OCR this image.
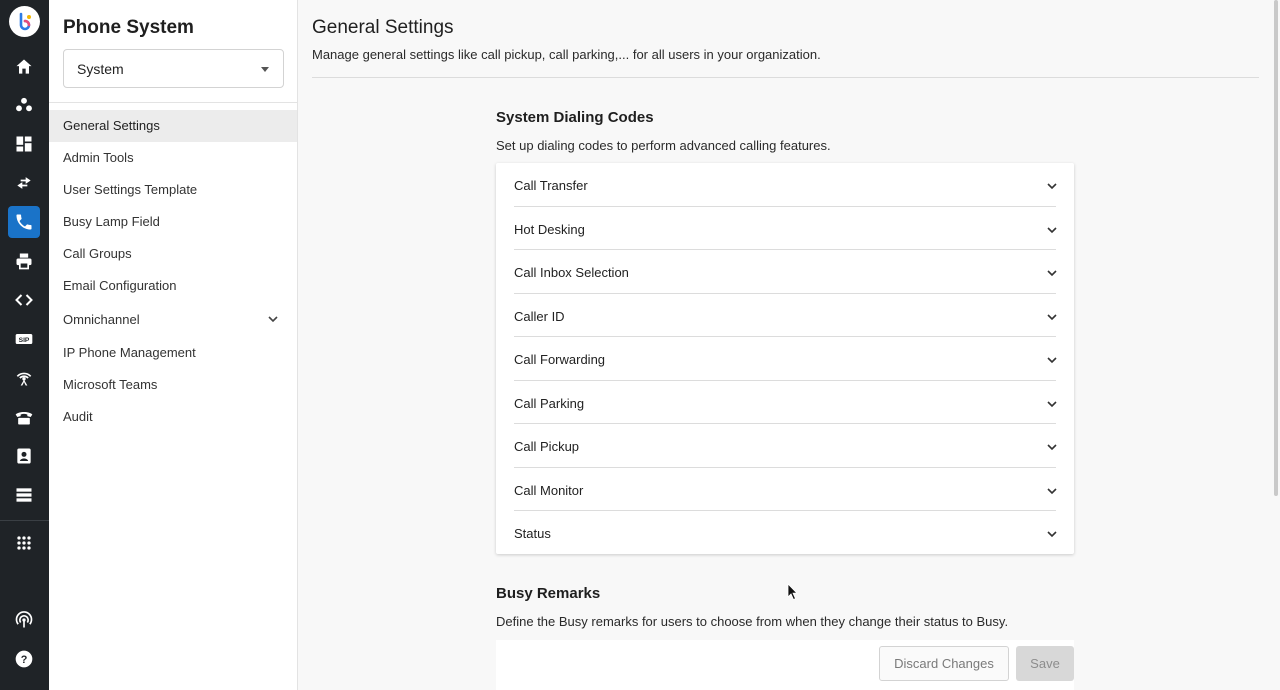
SIP
?
Phone System
System
General Settings
Admin Tools
User Settings Template
Busy Lamp Field
Call Groups
Email Configuration
Omnichannel
IP Phone Management
Microsoft Teams
Audit
General Settings
Manage general settings like call pickup, call parking,... for all users in your organization.
System Dialing Codes
Set up dialing codes to perform advanced calling features.
Call Transfer
Hot Desking
Call Inbox Selection
Caller ID
Call Forwarding
Call Parking
Call Pickup
Call Monitor
Status
Busy Remarks
Define the Busy remarks for users to choose from when they change their status to Busy.
Discard Changes	Save
